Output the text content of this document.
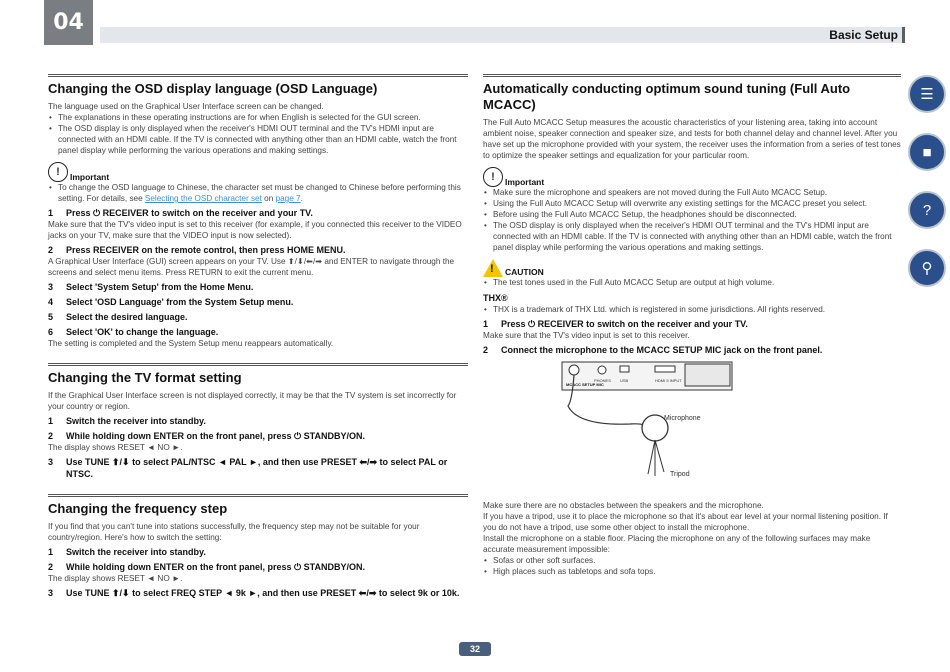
04	Basic Setup
Changing the OSD display language (OSD Language)

The language used on the Graphical User Interface screen can be changed.

• The explanations in these operating instructions are for when English is selected for the GUI screen.
• The OSD display is only displayed when the receiver's HDMI OUT terminal and the TV's HDMI input are connected with an HDMI cable. If the TV is connected with anything other than an HDMI cable, watch the front panel display while performing the various operations and making settings.
!	Important
• To change the OSD language to Chinese, the character set must be changed to Chinese before performing this setting. For details, see Selecting the OSD character set on page 7.
1	Press ⏻ RECEIVER to switch on the receiver and your TV.

Make sure that the TV's video input is set to this receiver (for example, if you connected this receiver to the VIDEO jacks on your TV, make sure that the VIDEO input is now selected).

2	Press RECEIVER on the remote control, then press HOME MENU.

A Graphical User Interface (GUI) screen appears on your TV. Use ⬆/⬇/⬅/➡ and ENTER to navigate through the screens and select menu items. Press RETURN to exit the current menu.

3	Select 'System Setup' from the Home Menu.
4	Select 'OSD Language' from the System Setup menu.
5	Select the desired language.
6	Select 'OK' to change the language.

The setting is completed and the System Setup menu reappears automatically.

Changing the TV format setting

If the Graphical User Interface screen is not displayed correctly, it may be that the TV system is set incorrectly for your country or region.

1	Switch the receiver into standby.
2	While holding down ENTER on the front panel, press ⏻ STANDBY/ON.

The display shows RESET ◄ NO ►.

3	Use TUNE ⬆/⬇ to select PAL/NTSC ◄ PAL ►, and then use PRESET ⬅/➡ to select PAL or NTSC.
Changing the frequency step

If you find that you can't tune into stations successfully, the frequency step may not be suitable for your country/region. Here's how to switch the setting:

1	Switch the receiver into standby.
2	While holding down ENTER on the front panel, press ⏻ STANDBY/ON.

The display shows RESET ◄ NO ►.

3	Use TUNE ⬆/⬇ to select FREQ STEP ◄ 9k ►, and then use PRESET ⬅/➡ to select 9k or 10k.
Automatically conducting optimum sound tuning (Full Auto MCACC)

The Full Auto MCACC Setup measures the acoustic characteristics of your listening area, taking into account ambient noise, speaker connection and speaker size, and tests for both channel delay and channel level. After you have set up the microphone provided with your system, the receiver uses the information from a series of test tones to optimize the speaker settings and equalization for your particular room.

!	Important
• Make sure the microphone and speakers are not moved during the Full Auto MCACC Setup.
• Using the Full Auto MCACC Setup will overwrite any existing settings for the MCACC preset you select.
• Before using the Full Auto MCACC Setup, the headphones should be disconnected.
• The OSD display is only displayed when the receiver's HDMI OUT terminal and the TV's HDMI input are connected with an HDMI cable. If the TV is connected with anything other than an HDMI cable, watch the front panel display while performing the various operations and making settings.
! CAUTION
• The test tones used in the Full Auto MCACC Setup are output at high volume.
THX®
• THX is a trademark of THX Ltd. which is registered in some jurisdictions. All rights reserved.
1	Press ⏻ RECEIVER to switch on the receiver and your TV.

Make sure that the TV's video input is set to this receiver.

2	Connect the microphone to the MCACC SETUP MIC jack on the front panel.

Make sure there are no obstacles between the speakers and the microphone.

If you have a tripod, use it to place the microphone so that it's about ear level at your normal listening position. If you do not have a tripod, use some other object to install the microphone.

Install the microphone on a stable floor. Placing the microphone on any of the following surfaces may make accurate measurement impossible:

• Sofas or other soft surfaces.
• High places such as tabletops and sofa tops.
MCACC SETUP MIC
PHONES USB	HDMI 5 INPUT
Microphone
Tripod
☰
■
?
⚲
32
